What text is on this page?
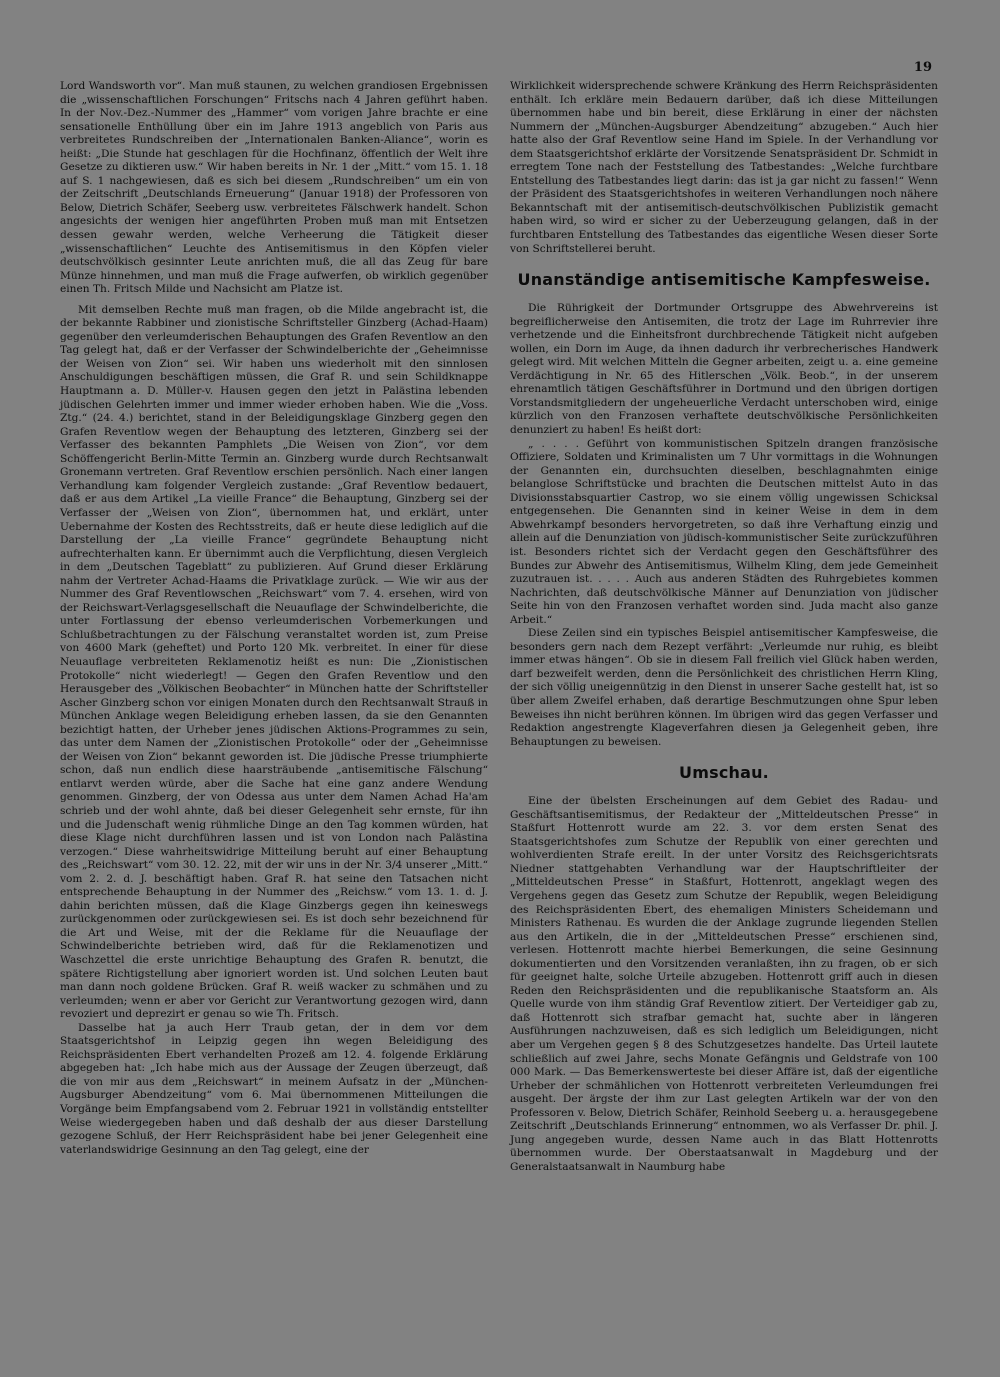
19

Lord Wandsworth vor“. Man muß staunen, zu welchen grandiosen Ergebnissen die „wissenschaftlichen Forschungen“ Fritschs nach 4 Jahren geführt haben. In der Nov.-Dez.-Nummer des „Hammer“ vom vorigen Jahre brachte er eine sensationelle Enthüllung über ein im Jahre 1913 angeblich von Paris aus verbreitetes Rundschreiben der „Internationalen Banken-Aliance“, worin es heißt: „Die Stunde hat geschlagen für die Hochfinanz, öffentlich der Welt ihre Gesetze zu diktieren usw.“ Wir haben bereits in Nr. 1 der „Mitt.“ vom 15. 1. 18 auf S. 1 nachgewiesen, daß es sich bei diesem „Rundschreiben“ um ein von der Zeitschrift „Deutschlands Erneuerung“ (Januar 1918) der Professoren von Below, Dietrich Schäfer, Seeberg usw. verbreitetes Fälschwerk handelt. Schon angesichts der wenigen hier angeführten Proben muß man mit Entsetzen dessen gewahr werden, welche Verheerung die Tätigkeit dieser „wissenschaftlichen“ Leuchte des Antisemitismus in den Köpfen vieler deutschvölkisch gesinnter Leute anrichten muß, die all das Zeug für bare Münze hinnehmen, und man muß die Frage aufwerfen, ob wirklich gegenüber einen Th. Fritsch Milde und Nachsicht am Platze ist.

Mit demselben Rechte muß man fragen, ob die Milde angebracht ist, die der bekannte Rabbiner und zionistische Schriftsteller Ginzberg (Achad-Haam) gegenüber den verleumderischen Behauptungen des Grafen Reventlow an den Tag gelegt hat, daß er der Verfasser der Schwindelberichte der „Geheimnisse der Weisen von Zion“ sei. Wir haben uns wiederholt mit den sinnlosen Anschuldigungen beschäftigen müssen, die Graf R. und sein Schildknappe Hauptmann a. D. Müller-v. Hausen gegen den jetzt in Palästina lebenden jüdischen Gelehrten immer und immer wieder erhoben haben. Wie die „Voss. Ztg.“ (24. 4.) berichtet, stand in der Beleidigungsklage Ginzberg gegen den Grafen Reventlow wegen der Behauptung des letzteren, Ginzberg sei der Verfasser des bekannten Pamphlets „Die Weisen von Zion“, vor dem Schöffengericht Berlin-Mitte Termin an. Ginzberg wurde durch Rechtsanwalt Gronemann vertreten. Graf Reventlow erschien persönlich. Nach einer langen Verhandlung kam folgender Vergleich zustande: „Graf Reventlow bedauert, daß er aus dem Artikel „La vieille France“ die Behauptung, Ginzberg sei der Verfasser der „Weisen von Zion“, übernommen hat, und erklärt, unter Uebernahme der Kosten des Rechtsstreits, daß er heute diese lediglich auf die Darstellung der „La vieille France“ gegründete Behauptung nicht aufrechterhalten kann. Er übernimmt auch die Verpflichtung, diesen Vergleich in dem „Deutschen Tageblatt“ zu publizieren. Auf Grund dieser Erklärung nahm der Vertreter Achad-Haams die Privatklage zurück. — Wie wir aus der Nummer des Graf Reventlowschen „Reichswart“ vom 7. 4. ersehen, wird von der Reichswart-Verlagsgesellschaft die Neuauflage der Schwindelberichte, die unter Fortlassung der ebenso verleumderischen Vorbemerkungen und Schlußbetrachtungen zu der Fälschung veranstaltet worden ist, zum Preise von 4600 Mark (geheftet) und Porto 120 Mk. verbreitet. In einer für diese Neuauflage verbreiteten Reklamenotiz heißt es nun: Die „Zionistischen Protokolle“ nicht wiederlegt! — Gegen den Grafen Reventlow und den Herausgeber des „Völkischen Beobachter“ in München hatte der Schriftsteller Ascher Ginzberg schon vor einigen Monaten durch den Rechtsanwalt Strauß in München Anklage wegen Beleidigung erheben lassen, da sie den Genannten bezichtigt hatten, der Urheber jenes jüdischen Aktions-Programmes zu sein, das unter dem Namen der „Zionistischen Protokolle“ oder der „Geheimnisse der Weisen von Zion“ bekannt geworden ist. Die jüdische Presse triumphierte schon, daß nun endlich diese haarsträubende „antisemitische Fälschung“ entlarvt werden würde, aber die Sache hat eine ganz andere Wendung genommen. Ginzberg, der von Odessa aus unter dem Namen Achad Ha'am schrieb und der wohl ahnte, daß bei dieser Gelegenheit sehr ernste, für ihn und die Judenschaft wenig rühmliche Dinge an den Tag kommen würden, hat diese Klage nicht durchführen lassen und ist von London nach Palästina verzogen.“ Diese wahrheitswidrige Mitteilung beruht auf einer Behauptung des „Reichswart“ vom 30. 12. 22, mit der wir uns in der Nr. 3/4 unserer „Mitt.“ vom 2. 2. d. J. beschäftigt haben. Graf R. hat seine den Tatsachen nicht entsprechende Behauptung in der Nummer des „Reichsw.“ vom 13. 1. d. J. dahin berichten müssen, daß die Klage Ginzbergs gegen ihn keineswegs zurückgenommen oder zurückgewiesen sei. Es ist doch sehr bezeichnend für die Art und Weise, mit der die Reklame für die Neuauflage der Schwindelberichte betrieben wird, daß für die Reklamenotizen und Waschzettel die erste unrichtige Behauptung des Grafen R. benutzt, die spätere Richtigstellung aber ignoriert worden ist. Und solchen Leuten baut man dann noch goldene Brücken. Graf R. weiß wacker zu schmähen und zu verleumden; wenn er aber vor Gericht zur Verantwortung gezogen wird, dann revoziert und deprezirt er genau so wie Th. Fritsch.

Dasselbe hat ja auch Herr Traub getan, der in dem vor dem Staatsgerichtshof in Leipzig gegen ihn wegen Beleidigung des Reichspräsidenten Ebert verhandelten Prozeß am 12. 4. folgende Erklärung abgegeben hat: „Ich habe mich aus der Aussage der Zeugen überzeugt, daß die von mir aus dem „Reichswart“ in meinem Aufsatz in der „München-Augsburger Abendzeitung“ vom 6. Mai übernommenen Mitteilungen die Vorgänge beim Empfangsabend vom 2. Februar 1921 in vollständig entstellter Weise wiedergegeben haben und daß deshalb der aus dieser Darstellung gezogene Schluß, der Herr Reichspräsident habe bei jener Gelegenheit eine vaterlandswidrige Gesinnung an den Tag gelegt, eine der

Wirklichkeit widersprechende schwere Kränkung des Herrn Reichspräsidenten enthält. Ich erkläre mein Bedauern darüber, daß ich diese Mitteilungen übernommen habe und bin bereit, diese Erklärung in einer der nächsten Nummern der „München-Augsburger Abendzeitung“ abzugeben.“ Auch hier hatte also der Graf Reventlow seine Hand im Spiele. In der Verhandlung vor dem Staatsgerichtshof erklärte der Vorsitzende Senatspräsident Dr. Schmidt in erregtem Tone nach der Feststellung des Tatbestandes: „Welche furchtbare Entstellung des Tatbestandes liegt darin: das ist ja gar nicht zu fassen!“ Wenn der Präsident des Staatsgerichtshofes in weiteren Verhandlungen noch nähere Bekanntschaft mit der antisemitisch-deutschvölkischen Publizistik gemacht haben wird, so wird er sicher zu der Ueberzeugung gelangen, daß in der furchtbaren Entstellung des Tatbestandes das eigentliche Wesen dieser Sorte von Schriftstellerei beruht.

Unanständige antisemitische Kampfesweise.

Die Rührigkeit der Dortmunder Ortsgruppe des Abwehrvereins ist begreiflicherweise den Antisemiten, die trotz der Lage im Ruhrrevier ihre verhetzende und die Einheitsfront durchbrechende Tätigkeit nicht aufgeben wollen, ein Dorn im Auge, da ihnen dadurch ihr verbrecherisches Handwerk gelegt wird. Mit welchen Mitteln die Gegner arbeiten, zeigt u. a. eine gemeine Verdächtigung in Nr. 65 des Hitlerschen „Völk. Beob.“, in der unserem ehrenamtlich tätigen Geschäftsführer in Dortmund und den übrigen dortigen Vorstandsmitgliedern der ungeheuerliche Verdacht unterschoben wird, einige kürzlich von den Franzosen verhaftete deutschvölkische Persönlichkeiten denunziert zu haben! Es heißt dort:

„ . . . . Geführt von kommunistischen Spitzeln drangen französische Offiziere, Soldaten und Kriminalisten um 7 Uhr vormittags in die Wohnungen der Genannten ein, durchsuchten dieselben, beschlagnahmten einige belanglose Schriftstücke und brachten die Deutschen mittelst Auto in das Divisionsstabsquartier Castrop, wo sie einem völlig ungewissen Schicksal entgegensehen. Die Genannten sind in keiner Weise in dem in dem Abwehrkampf besonders hervorgetreten, so daß ihre Verhaftung einzig und allein auf die Denunziation von jüdisch-kommunistischer Seite zurückzuführen ist. Besonders richtet sich der Verdacht gegen den Geschäftsführer des Bundes zur Abwehr des Antisemitismus, Wilhelm Kling, dem jede Gemeinheit zuzutrauen ist. . . . . Auch aus anderen Städten des Ruhrgebietes kommen Nachrichten, daß deutschvölkische Männer auf Denunziation von jüdischer Seite hin von den Franzosen verhaftet worden sind. Juda macht also ganze Arbeit.“

Diese Zeilen sind ein typisches Beispiel antisemitischer Kampfesweise, die besonders gern nach dem Rezept verfährt: „Verleumde nur ruhig, es bleibt immer etwas hängen“. Ob sie in diesem Fall freilich viel Glück haben werden, darf bezweifelt werden, denn die Persönlichkeit des christlichen Herrn Kling, der sich völlig uneigennützig in den Dienst in unserer Sache gestellt hat, ist so über allem Zweifel erhaben, daß derartige Beschmutzungen ohne Spur leben Beweises ihn nicht berühren können. Im übrigen wird das gegen Verfasser und Redaktion angestrengte Klageverfahren diesen ja Gelegenheit geben, ihre Behauptungen zu beweisen.

Umschau.

Eine der übelsten Erscheinungen auf dem Gebiet des Radau- und Geschäftsantisemitismus, der Redakteur der „Mitteldeutschen Presse“ in Staßfurt Hottenrott wurde am 22. 3. vor dem ersten Senat des Staatsgerichtshofes zum Schutze der Republik von einer gerechten und wohlverdienten Strafe ereilt. In der unter Vorsitz des Reichsgerichtsrats Niedner stattgehabten Verhandlung war der Hauptschriftleiter der „Mitteldeutschen Presse“ in Staßfurt, Hottenrott, angeklagt wegen des Vergehens gegen das Gesetz zum Schutze der Republik, wegen Beleidigung des Reichspräsidenten Ebert, des ehemaligen Ministers Scheidemann und Ministers Rathenau. Es wurden die der Anklage zugrunde liegenden Stellen aus den Artikeln, die in der „Mitteldeutschen Presse“ erschienen sind, verlesen. Hottenrott machte hierbei Bemerkungen, die seine Gesinnung dokumentierten und den Vorsitzenden veranlaßten, ihn zu fragen, ob er sich für geeignet halte, solche Urteile abzugeben. Hottenrott griff auch in diesen Reden den Reichspräsidenten und die republikanische Staatsform an. Als Quelle wurde von ihm ständig Graf Reventlow zitiert. Der Verteidiger gab zu, daß Hottenrott sich strafbar gemacht hat, suchte aber in längeren Ausführungen nachzuweisen, daß es sich lediglich um Beleidigungen, nicht aber um Vergehen gegen § 8 des Schutzgesetzes handelte. Das Urteil lautete schließlich auf zwei Jahre, sechs Monate Gefängnis und Geldstrafe von 100 000 Mark. — Das Bemerkenswerteste bei dieser Affäre ist, daß der eigentliche Urheber der schmählichen von Hottenrott verbreiteten Verleumdungen frei ausgeht. Der ärgste der ihm zur Last gelegten Artikeln war der von den Professoren v. Below, Dietrich Schäfer, Reinhold Seeberg u. a. herausgegebene Zeitschrift „Deutschlands Erinnerung“ entnommen, wo als Verfasser Dr. phil. J. Jung angegeben wurde, dessen Name auch in das Blatt Hottenrotts übernommen wurde. Der Oberstaatsanwalt in Magdeburg und der Generalstaatsanwalt in Naumburg habe
